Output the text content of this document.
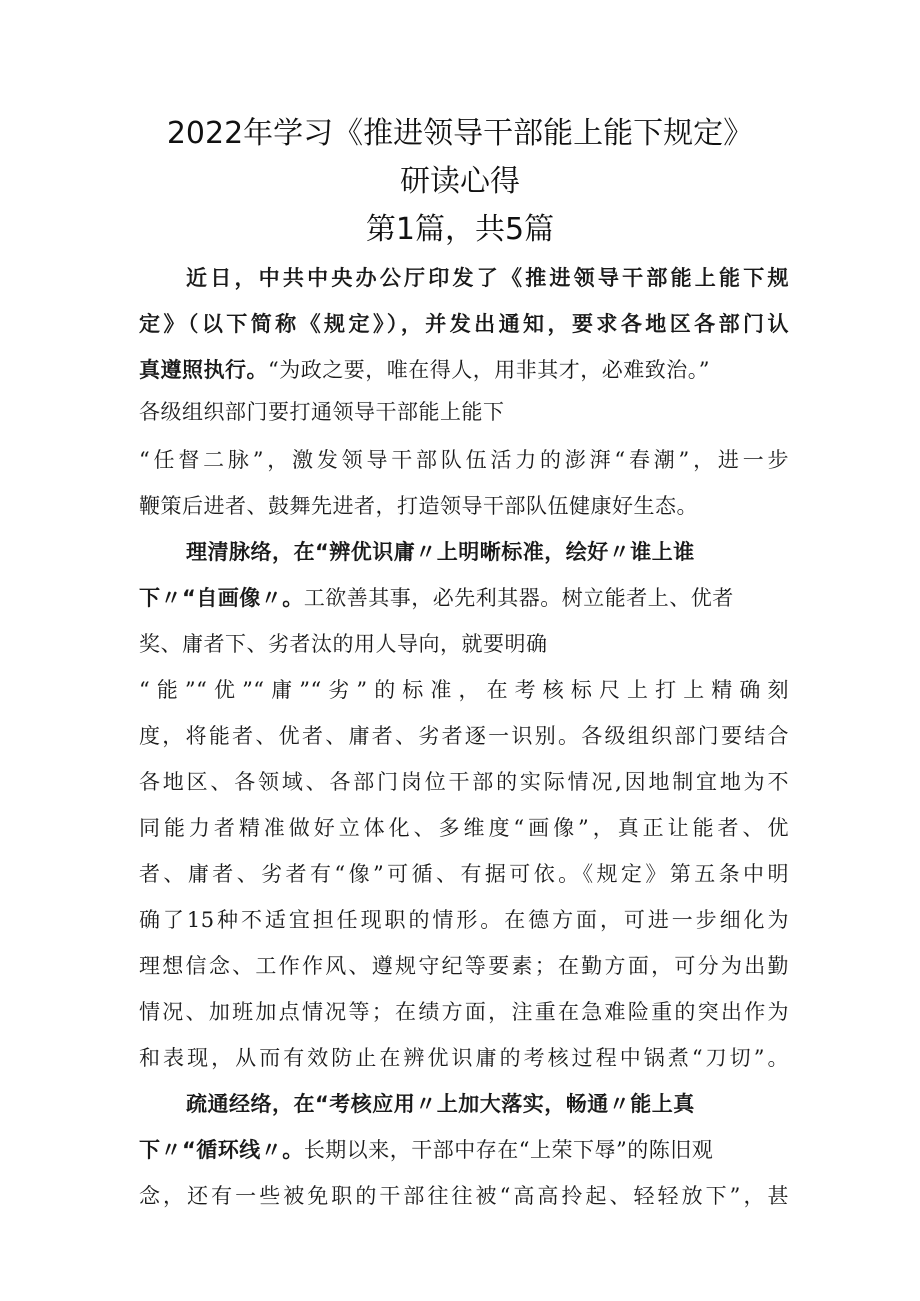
2022年学习《推进领导干部能上能下规定》
研读心得
第1篇，共5篇
近日，中共中央办公厅印发了《推进领导干部能上能下规
定》（以下简称《规定》），并发出通知，要求各地区各部门认
真遵照执行。“为政之要，唯在得人，用非其才，必难致治。”
各级组织部门要打通领导干部能上能下
“任督二脉”，激发领导干部队伍活力的澎湃“春潮”，进一步
鞭策后进者、鼓舞先进者，打造领导干部队伍健康好生态。
理清脉络，在“辨优识庸〃上明晰标准，绘好〃谁上谁
下〃“自画像〃。工欲善其事，必先利其器。树立能者上、优者
奖、庸者下、劣者汰的用人导向，就要明确
“能”“优”“庸”“劣”的标准，在考核标尺上打上精确刻
度，将能者、优者、庸者、劣者逐一识别。各级组织部门要结合
各地区、各领域、各部门岗位干部的实际情况,因地制宜地为不
同能力者精准做好立体化、多维度“画像”，真正让能者、优
者、庸者、劣者有“像”可循、有据可依。《规定》第五条中明
确了15种不适宜担任现职的情形。在德方面，可进一步细化为
理想信念、工作作风、遵规守纪等要素；在勤方面，可分为出勤
情况、加班加点情况等；在绩方面，注重在急难险重的突出作为
和表现，从而有效防止在辨优识庸的考核过程中锅煮“刀切”。
疏通经络，在“考核应用〃上加大落实，畅通〃能上真
下〃“循环线〃。长期以来，干部中存在“上荣下辱”的陈旧观
念，还有一些被免职的干部往往被“高高拎起、轻轻放下”，甚
